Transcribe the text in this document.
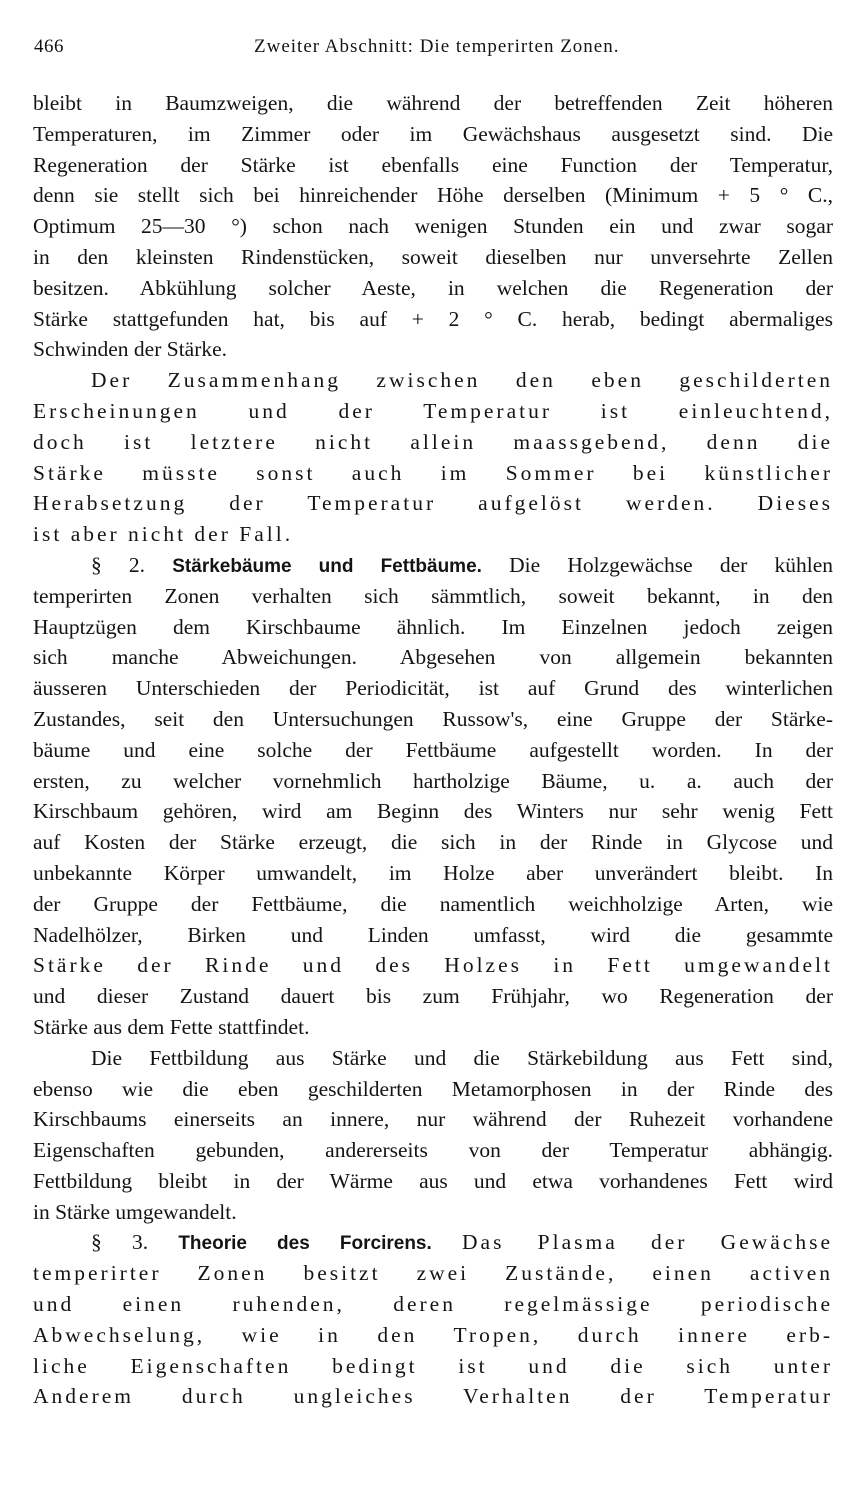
466	Zweiter Abschnitt: Die temperirten Zonen.
bleibt in Baumzweigen, die während der betreffenden Zeit höheren
Temperaturen, im Zimmer oder im Gewächshaus ausgesetzt sind. Die
Regeneration der Stärke ist ebenfalls eine Function der Temperatur,
denn sie stellt sich bei hinreichender Höhe derselben (Minimum + 5 ° C.,
Optimum 25—30 °) schon nach wenigen Stunden ein und zwar sogar
in den kleinsten Rindenstücken, soweit dieselben nur unversehrte Zellen
besitzen. Abkühlung solcher Aeste, in welchen die Regeneration der
Stärke stattgefunden hat, bis auf + 2 ° C. herab, bedingt abermaliges
Schwinden der Stärke.
Der Zusammenhang zwischen den eben geschilderten
Erscheinungen und der Temperatur ist einleuchtend,
doch ist letztere nicht allein maassgebend, denn die
Stärke müsste sonst auch im Sommer bei künstlicher
Herabsetzung der Temperatur aufgelöst werden. Dieses
ist aber nicht der Fall.
§ 2. Stärkebäume und Fettbäume. Die Holzgewächse der kühlen
temperirten Zonen verhalten sich sämmtlich, soweit bekannt, in den
Hauptzügen dem Kirschbaume ähnlich. Im Einzelnen jedoch zeigen
sich manche Abweichungen. Abgesehen von allgemein bekannten
äusseren Unterschieden der Periodicität, ist auf Grund des winterlichen
Zustandes, seit den Untersuchungen Russow's, eine Gruppe der Stärke-
bäume und eine solche der Fettbäume aufgestellt worden. In der
ersten, zu welcher vornehmlich hartholzige Bäume, u. a. auch der
Kirschbaum gehören, wird am Beginn des Winters nur sehr wenig Fett
auf Kosten der Stärke erzeugt, die sich in der Rinde in Glycose und
unbekannte Körper umwandelt, im Holze aber unverändert bleibt. In
der Gruppe der Fettbäume, die namentlich weichholzige Arten, wie
Nadelhölzer, Birken und Linden umfasst, wird die gesammte
Stärke der Rinde und des Holzes in Fett umgewandelt
und dieser Zustand dauert bis zum Frühjahr, wo Regeneration der
Stärke aus dem Fette stattfindet.
Die Fettbildung aus Stärke und die Stärkebildung aus Fett sind,
ebenso wie die eben geschilderten Metamorphosen in der Rinde des
Kirschbaums einerseits an innere, nur während der Ruhezeit vorhandene
Eigenschaften gebunden, andererseits von der Temperatur abhängig.
Fettbildung bleibt in der Wärme aus und etwa vorhandenes Fett wird
in Stärke umgewandelt.
§ 3. Theorie des Forcirens. Das Plasma der Gewächse
temperirter Zonen besitzt zwei Zustände, einen activen
und einen ruhenden, deren regelmässige periodische
Abwechselung, wie in den Tropen, durch innere erb-
liche Eigenschaften bedingt ist und die sich unter
Anderem durch ungleiches Verhalten der Temperatur
